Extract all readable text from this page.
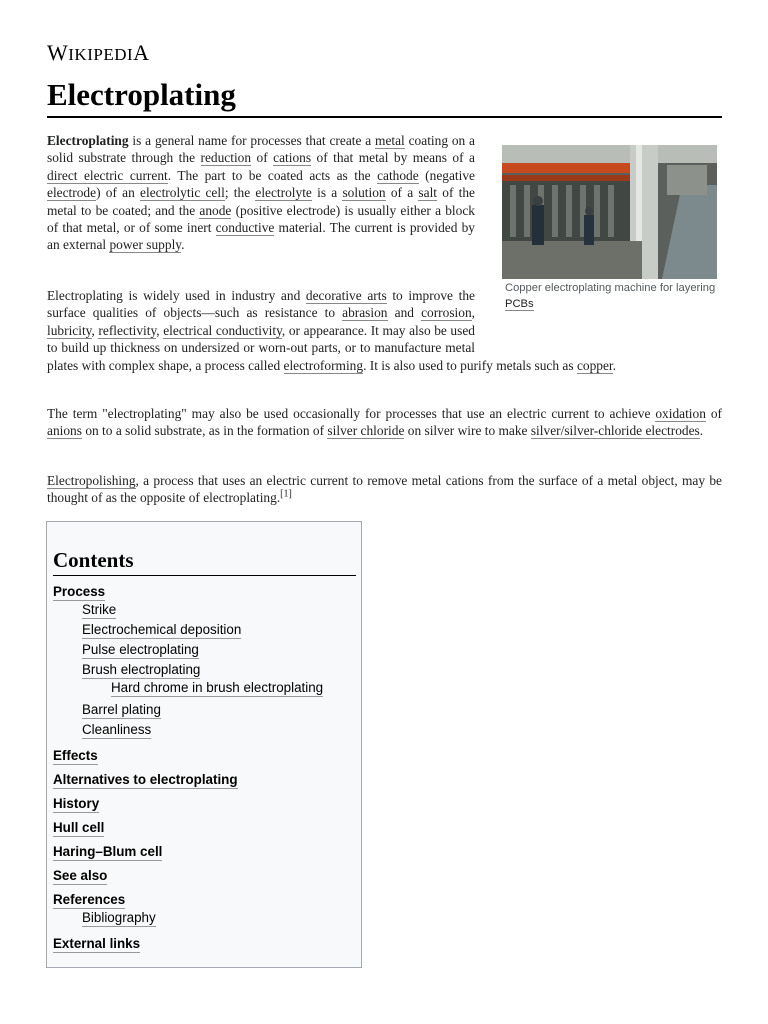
WIKIPEDIA
Electroplating

Electroplating is a general name for processes that create a metal coating on a solid substrate through the reduction of cations of that metal by means of a direct electric current. The part to be coated acts as the cathode (negative electrode) of an electrolytic cell; the electrolyte is a solution of a salt of the metal to be coated; and the anode (positive electrode) is usually either a block of that metal, or of some inert conductive material. The current is provided by an external power supply.

Copper electroplating machine for layering PCBs

Electroplating is widely used in industry and decorative arts to improve the surface qualities of objects—such as resistance to abrasion and corrosion, lubricity, reflectivity, electrical conductivity, or appearance. It may also be used to build up thickness on undersized or worn-out parts, or to manufacture metal plates with complex shape, a process called electroforming. It is also used to purify metals such as copper.

The term "electroplating" may also be used occasionally for processes that use an electric current to achieve oxidation of anions on to a solid substrate, as in the formation of silver chloride on silver wire to make silver/silver-chloride electrodes.

Electropolishing, a process that uses an electric current to remove metal cations from the surface of a metal object, may be thought of as the opposite of electroplating.[1]

Contents
Process
Strike
Electrochemical deposition
Pulse electroplating
Brush electroplating
Hard chrome in brush electroplating
Barrel plating
Cleanliness
Effects
Alternatives to electroplating
History
Hull cell
Haring–Blum cell
See also
References
Bibliography
External links
